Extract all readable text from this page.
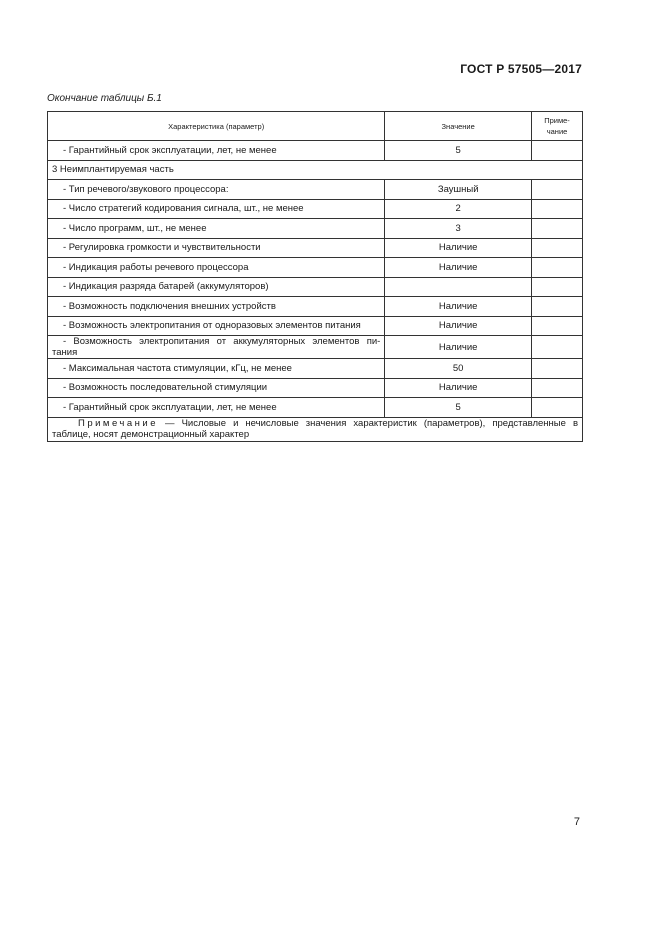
ГОСТ Р 57505—2017
Окончание таблицы Б.1
Характеристика (параметр)	Значение	Приме-
чание
- Гарантийный срок эксплуатации, лет, не менее	5	
3 Неимплантируемая часть		
- Тип речевого/звукового процессора:	Заушный	
- Число стратегий кодирования сигнала, шт., не менее	2	
- Число программ, шт., не менее	3	
- Регулировка громкости и чувствительности	Наличие	
- Индикация работы речевого процессора	Наличие	
- Индикация разряда батарей (аккумуляторов)		
- Возможность подключения внешних устройств	Наличие	
- Возможность электропитания от одноразовых элементов питания	Наличие	

- Возможность электропитания от аккумуляторных элементов пи-
тания	Наличие	
- Максимальная частота стимуляции, кГц, не менее	50	
- Возможность последовательной стимуляции	Наличие	
- Гарантийный срок эксплуатации, лет, не менее	5	
Примечание — Числовые и нечисловые значения характеристик (параметров), представленные в таблице, носят демонстрационный характер		
7
